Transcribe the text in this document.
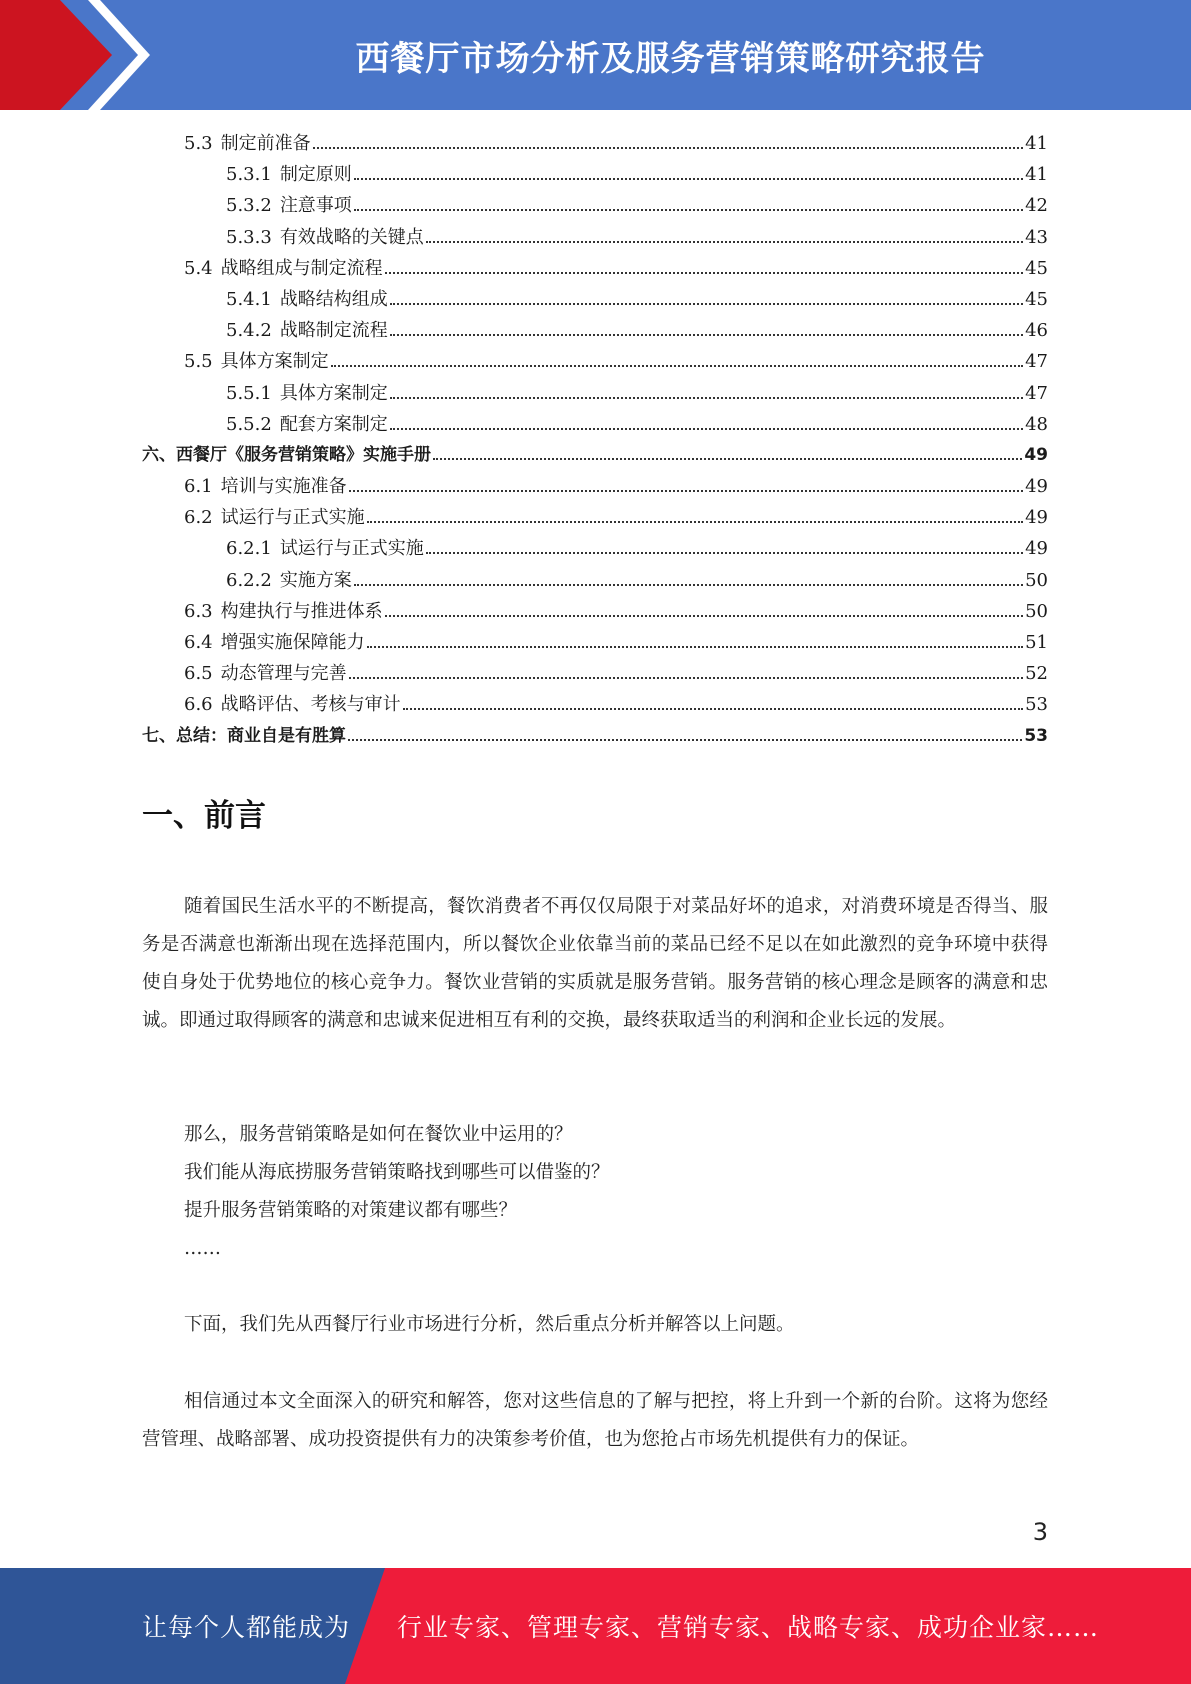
西餐厅市场分析及服务营销策略研究报告
5.3 制定前准备	41
5.3.1 制定原则	41
5.3.2 注意事项	42
5.3.3 有效战略的关键点	43
5.4 战略组成与制定流程	45
5.4.1 战略结构组成	45
5.4.2 战略制定流程	46
5.5 具体方案制定	47
5.5.1 具体方案制定	47
5.5.2 配套方案制定	48
六、西餐厅《服务营销策略》实施手册	49
6.1 培训与实施准备	49
6.2 试运行与正式实施	49
6.2.1 试运行与正式实施	49
6.2.2 实施方案	50
6.3 构建执行与推进体系	50
6.4 增强实施保障能力	51
6.5 动态管理与完善	52
6.6 战略评估、考核与审计	53
七、总结：商业自是有胜算	53
一、前言

随着国民生活水平的不断提高，餐饮消费者不再仅仅局限于对菜品好坏的追求，对消费环境是否得当、服务是否满意也渐渐出现在选择范围内，所以餐饮企业依靠当前的菜品已经不足以在如此激烈的竞争环境中获得使自身处于优势地位的核心竞争力。餐饮业营销的实质就是服务营销。服务营销的核心理念是顾客的满意和忠诚。即通过取得顾客的满意和忠诚来促进相互有利的交换，最终获取适当的利润和企业长远的发展。

那么，服务营销策略是如何在餐饮业中运用的？
我们能从海底捞服务营销策略找到哪些可以借鉴的？
提升服务营销策略的对策建议都有哪些？
……

下面，我们先从西餐厅行业市场进行分析，然后重点分析并解答以上问题。

相信通过本文全面深入的研究和解答，您对这些信息的了解与把控，将上升到一个新的台阶。这将为您经营管理、战略部署、成功投资提供有力的决策参考价值，也为您抢占市场先机提供有力的保证。

3
让每个人都能成为 行业专家、管理专家、营销专家、战略专家、成功企业家……
